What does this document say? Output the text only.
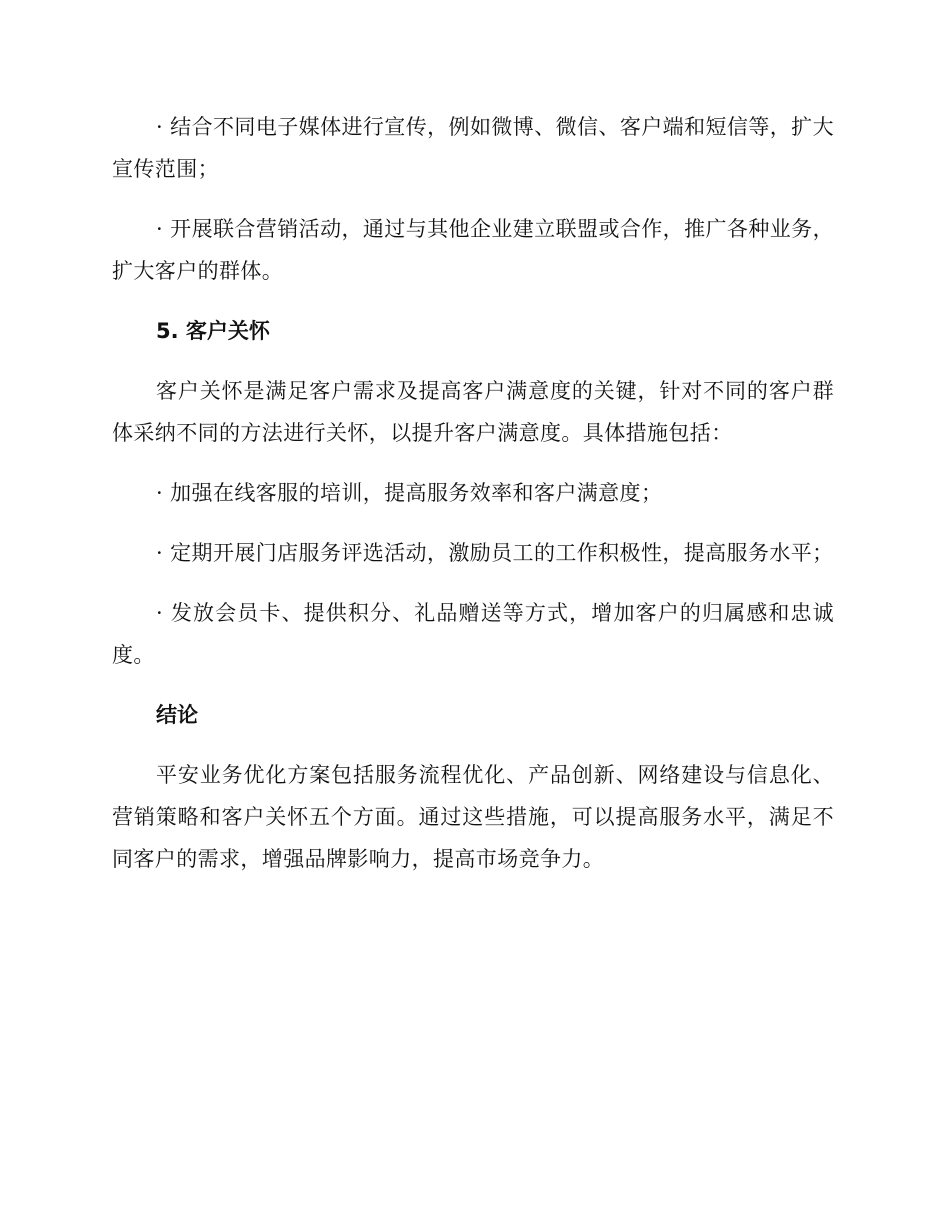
· 结合不同电子媒体进行宣传，例如微博、微信、客户端和短信等，扩大宣传范围；

· 开展联合营销活动，通过与其他企业建立联盟或合作，推广各种业务，扩大客户的群体。

5. 客户关怀

客户关怀是满足客户需求及提高客户满意度的关键，针对不同的客户群体采纳不同的方法进行关怀，以提升客户满意度。具体措施包括：

· 加强在线客服的培训，提高服务效率和客户满意度；

· 定期开展门店服务评选活动，激励员工的工作积极性，提高服务水平；

· 发放会员卡、提供积分、礼品赠送等方式，增加客户的归属感和忠诚度。

结论

平安业务优化方案包括服务流程优化、产品创新、网络建设与信息化、营销策略和客户关怀五个方面。通过这些措施，可以提高服务水平，满足不同客户的需求，增强品牌影响力，提高市场竞争力。
